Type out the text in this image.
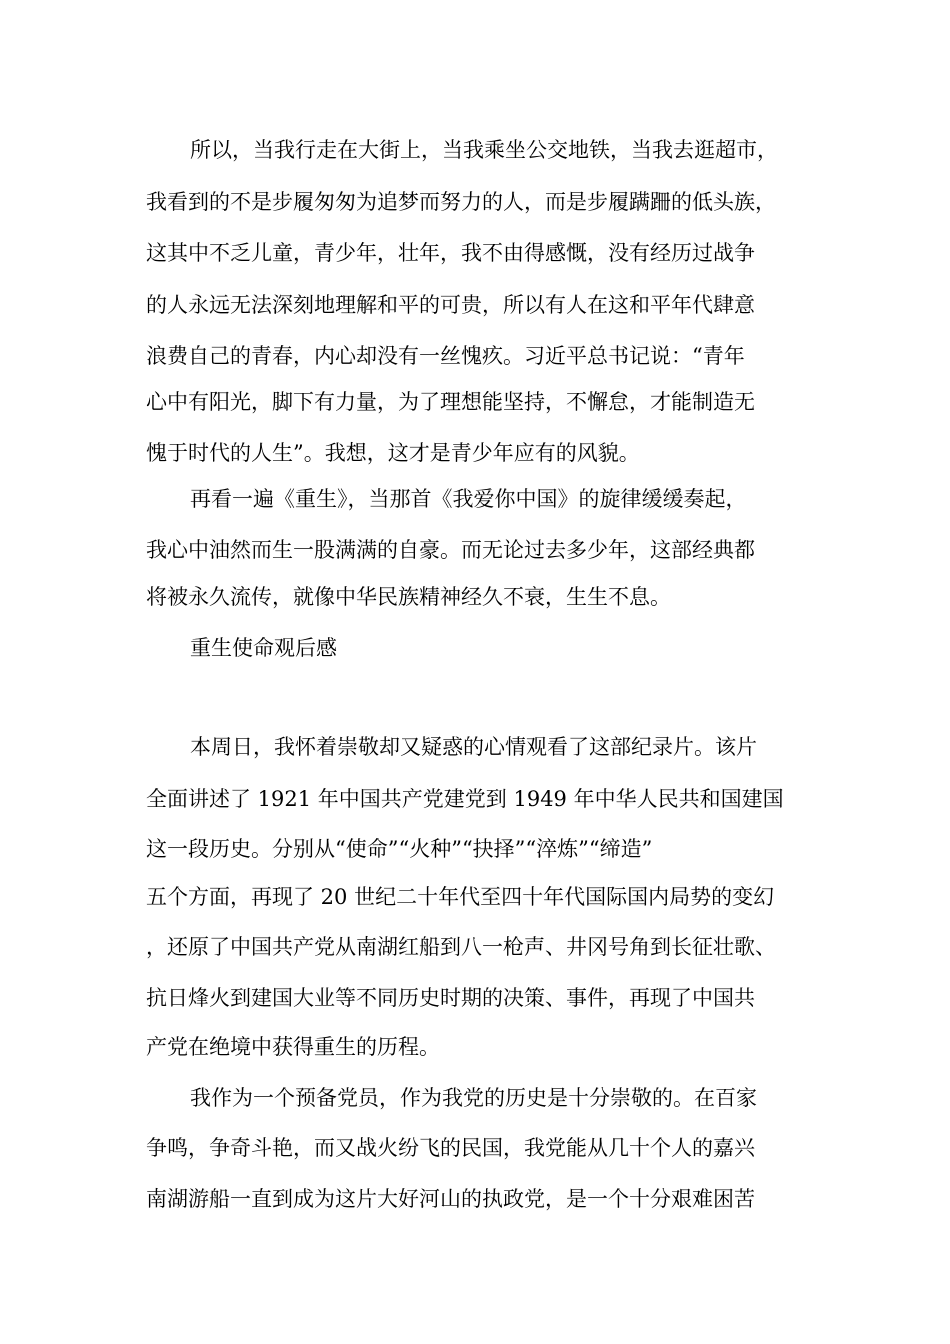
所以，当我行走在大街上，当我乘坐公交地铁，当我去逛超市，
我看到的不是步履匆匆为追梦而努力的人，而是步履蹒跚的低头族，
这其中不乏儿童，青少年，壮年，我不由得感慨，没有经历过战争
的人永远无法深刻地理解和平的可贵，所以有人在这和平年代肆意
浪费自己的青春，内心却没有一丝愧疚。习近平总书记说：“青年
心中有阳光，脚下有力量，为了理想能坚持，不懈怠，才能制造无
愧于时代的人生”。我想，这才是青少年应有的风貌。
再看一遍《重生》，当那首《我爱你中国》的旋律缓缓奏起，
我心中油然而生一股满满的自豪。而无论过去多少年，这部经典都
将被永久流传，就像中华民族精神经久不衰，生生不息。
重生使命观后感
本周日，我怀着崇敬却又疑惑的心情观看了这部纪录片。该片
全面讲述了 1921 年中国共产党建党到 1949 年中华人民共和国建国
这一段历史。分别从“使命”“火种”“抉择”“淬炼”“缔造”
五个方面，再现了 20 世纪二十年代至四十年代国际国内局势的变幻
，还原了中国共产党从南湖红船到八一枪声、井冈号角到长征壮歌、
抗日烽火到建国大业等不同历史时期的决策、事件，再现了中国共
产党在绝境中获得重生的历程。
我作为一个预备党员，作为我党的历史是十分崇敬的。在百家
争鸣，争奇斗艳，而又战火纷飞的民国，我党能从几十个人的嘉兴
南湖游船一直到成为这片大好河山的执政党，是一个十分艰难困苦
